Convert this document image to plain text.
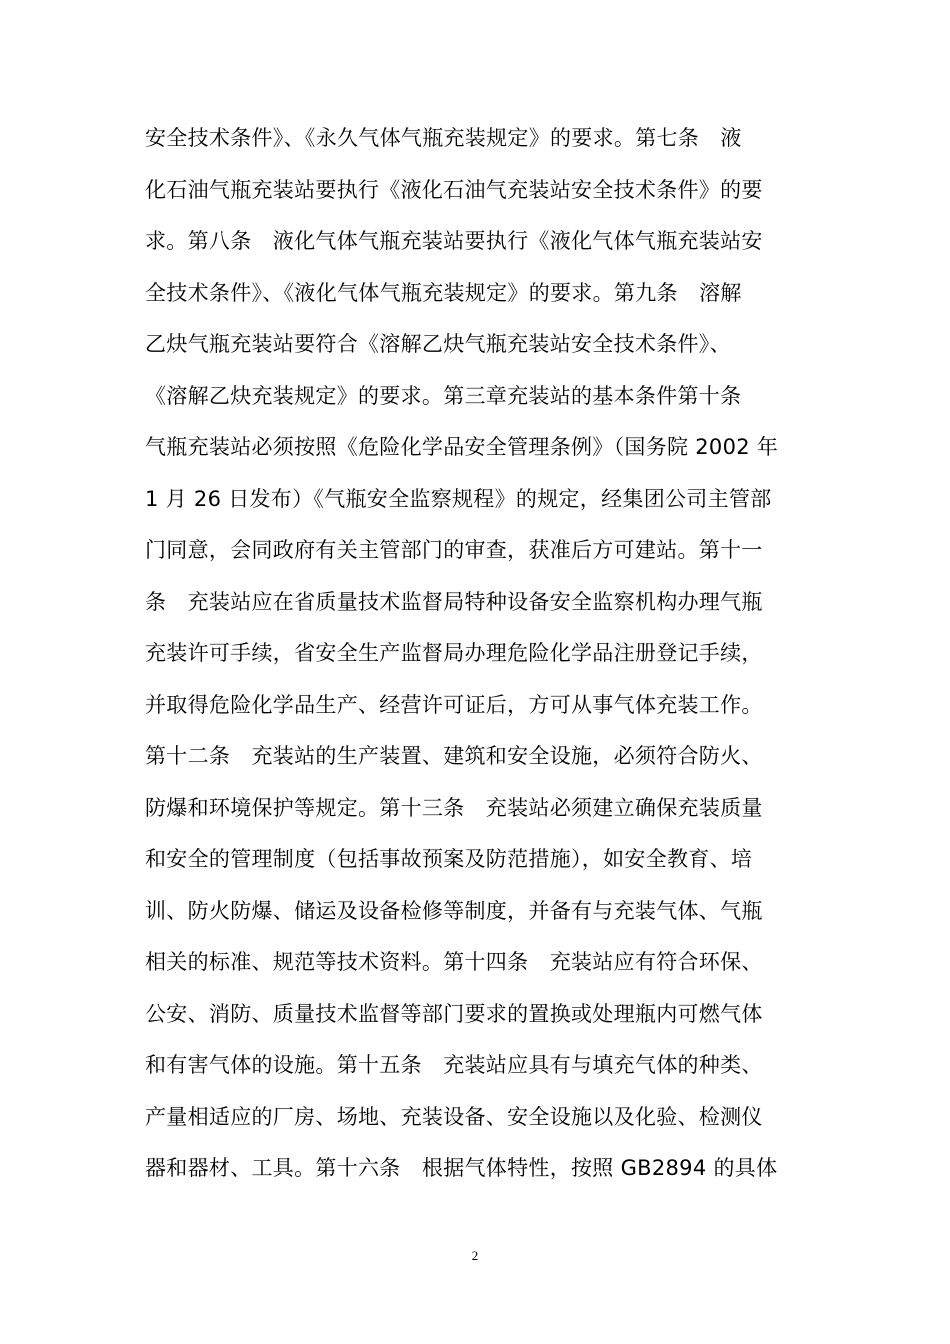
安全技术条件》、《永久气体气瓶充装规定》的要求。第七条　液
化石油气瓶充装站要执行《液化石油气充装站安全技术条件》的要
求。第八条　液化气体气瓶充装站要执行《液化气体气瓶充装站安
全技术条件》、《液化气体气瓶充装规定》的要求。第九条　溶解
乙炔气瓶充装站要符合《溶解乙炔气瓶充装站安全技术条件》、
《溶解乙炔充装规定》的要求。第三章充装站的基本条件第十条
气瓶充装站必须按照《危险化学品安全管理条例》（国务院 2002 年
1 月 26 日发布）《气瓶安全监察规程》的规定，经集团公司主管部
门同意，会同政府有关主管部门的审查，获准后方可建站。第十一
条　充装站应在省质量技术监督局特种设备安全监察机构办理气瓶
充装许可手续，省安全生产监督局办理危险化学品注册登记手续，
并取得危险化学品生产、经营许可证后，方可从事气体充装工作。
第十二条　充装站的生产装置、建筑和安全设施，必须符合防火、
防爆和环境保护等规定。第十三条　充装站必须建立确保充装质量
和安全的管理制度（包括事故预案及防范措施），如安全教育、培
训、防火防爆、储运及设备检修等制度，并备有与充装气体、气瓶
相关的标准、规范等技术资料。第十四条　充装站应有符合环保、
公安、消防、质量技术监督等部门要求的置换或处理瓶内可燃气体
和有害气体的设施。第十五条　充装站应具有与填充气体的种类、
产量相适应的厂房、场地、充装设备、安全设施以及化验、检测仪
器和器材、工具。第十六条　根据气体特性，按照 GB2894 的具体
2
